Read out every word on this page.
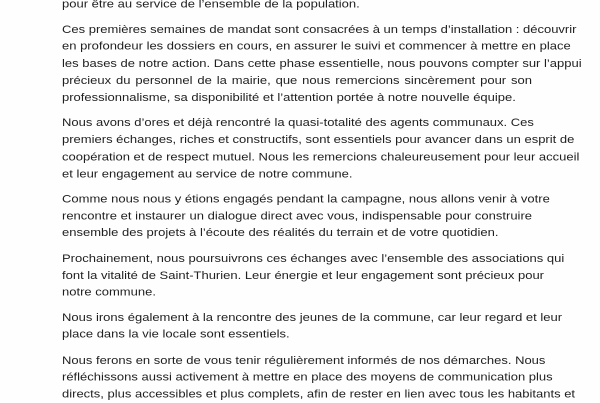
pour être au service de l’ensemble de la population.
Ces premières semaines de mandat sont consacrées à un temps d’installation : découvrir
en profondeur les dossiers en cours, en assurer le suivi et commencer à mettre en place
les bases de notre action. Dans cette phase essentielle, nous pouvons compter sur l’appui
précieux du personnel de la mairie, que nous remercions sincèrement pour son
professionnalisme, sa disponibilité et l’attention portée à notre nouvelle équipe.
Nous avons d’ores et déjà rencontré la quasi-totalité des agents communaux. Ces
premiers échanges, riches et constructifs, sont essentiels pour avancer dans un esprit de
coopération et de respect mutuel. Nous les remercions chaleureusement pour leur accueil
et leur engagement au service de notre commune.
Comme nous nous y étions engagés pendant la campagne, nous allons venir à votre
rencontre et instaurer un dialogue direct avec vous, indispensable pour construire
ensemble des projets à l’écoute des réalités du terrain et de votre quotidien.
Prochainement, nous poursuivrons ces échanges avec l’ensemble des associations qui
font la vitalité de Saint-Thurien. Leur énergie et leur engagement sont précieux pour
notre commune.
Nous irons également à la rencontre des jeunes de la commune, car leur regard et leur
place dans la vie locale sont essentiels.
Nous ferons en sorte de vous tenir régulièrement informés de nos démarches. Nous
réfléchissons aussi activement à mettre en place des moyens de communication plus
directs, plus accessibles et plus complets, afin de rester en lien avec tous les habitants et
